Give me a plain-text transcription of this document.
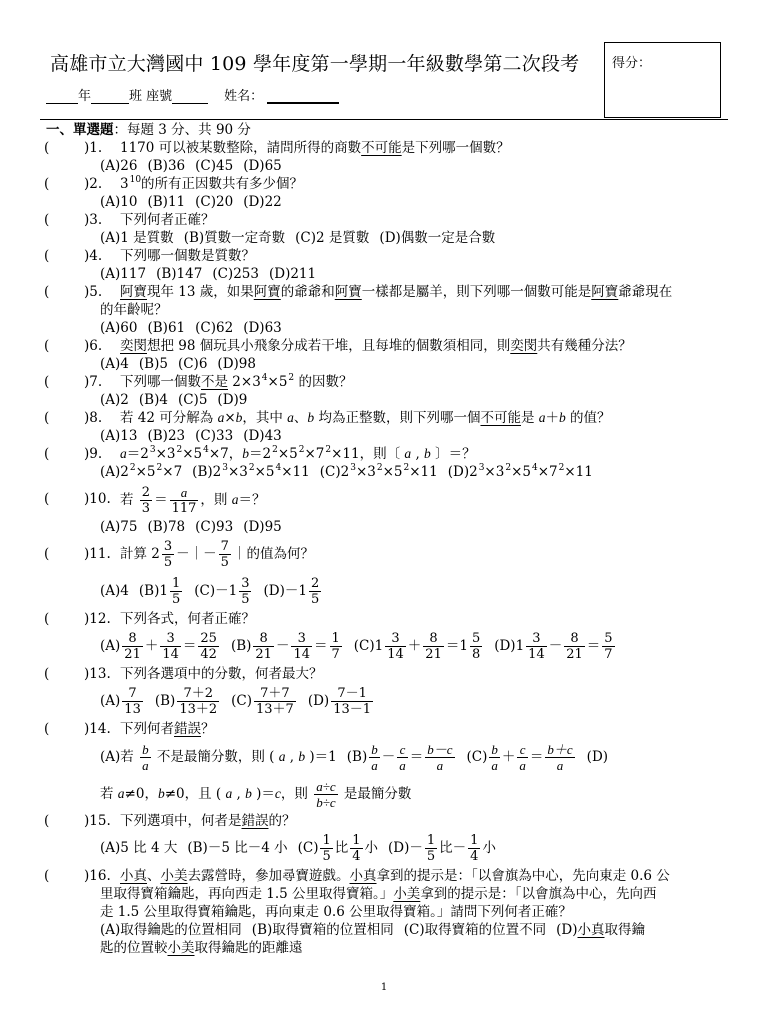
高雄市立大灣國中 109 學年度第一學期一年級數學第二次段考	得分：
年	班 座號	姓名：
一、單選題：每題 3 分、共 90 分
(	)1. 1170 可以被某數整除，請問所得的商數不可能是下列哪一個數？
(A)26 (B)36 (C)45 (D)65
(	)2. $3^{10}$的所有正因數共有多少個？
(A)10 (B)11 (C)20 (D)22
(	)3. 下列何者正確？
(A)1 是質數 (B)質數一定奇數 (C)2 是質數 (D)偶數一定是合數
(	)4. 下列哪一個數是質數？
(A)117 (B)147 (C)253 (D)211
(	)5. 阿寶現年 13 歲，如果阿寶的爺爺和阿寶一樣都是屬羊，則下列哪一個數可能是阿寶爺爺現在
的年齡呢？
(A)60 (B)61 (C)62 (D)63
(	)6. 奕閔想把 98 個玩具小飛象分成若干堆，且每堆的個數須相同，則奕閔共有幾種分法？
(A)4 (B)5 (C)6 (D)98
(	)7. 下列哪一個數不是 $2\times 3^4\times 5^2$ 的因數？
(A)2 (B)4 (C)5 (D)9
(	)8. 若 42 可分解為 a×b，其中 a、b 均為正整數，則下列哪一個不可能是 a＋b 的值？
(A)13 (B)23 (C)33 (D)43
(	)9. $a=2^3\times 3^2\times 5^4\times 7$，$b=2^2\times 5^2\times 7^2\times 11$，則〔 a , b 〕＝？
$(A)2^2\times 5^2\times 7$ $(B)2^3\times 3^2\times 5^4\times 11$ $(C)2^3\times 3^2\times 5^2\times 11$ $(D)2^3\times 3^2\times 5^4\times 7^2\times 11$
(	)10. 若 $\frac{2}{3} = \frac{a}{117}$ ，則 a＝？
(A)75 (B)78 (C)93 (D)95
(	)11. 計算 $2 \frac{3}{5}$ －｜－ $\frac{7}{5}$ ｜的值為何？
(A)4 $(B)1 \frac{1}{5} (C)-1 \frac{3}{5} (D)-1 \frac{2}{5}$
(	)12. 下列各式，何者正確？
$(A) \frac{8}{21} + \frac{3}{14} = \frac{25}{42} (B) \frac{8}{21} - \frac{3}{14} = \frac{1}{7} (C)1 \frac{3}{14} + \frac{8}{21} =1 \frac{5}{8} (D)1 \frac{3}{14} - \frac{8}{21} = \frac{5}{7}$
(	)13. 下列各選項中的分數，何者最大？
$(A) \frac{7}{13} (B) \frac{7+2}{13+2} (C) \frac{7+7}{13+7} (D) \frac{7-1}{13-1}$
(	)14. 下列何者錯誤？
(A)若 $\frac{b}{a}$ 不是最簡分數，則 ( a , b )＝1 $(B) \frac{b}{a} - \frac{c}{a} = \frac{b-c}{a} (C) \frac{b}{a} + \frac{c}{a} = \frac{b+c}{a} (D)$
若 a≠0，b≠0，且 ( a , b )＝c，則 $\frac{a\div c}{b\div c}$ 是最簡分數
(	)15. 下列選項中，何者是錯誤的？
(A)5 比 4 大 (B)－5 比－4 小 $(C) \frac{1}{5}$ 比 $\frac{1}{4}$ 小 $(D)- \frac{1}{5}$ 比－ $\frac{1}{4}$ 小
(	)16. 小真、小美去露營時，參加尋寶遊戲。小真拿到的提示是：「以會旗為中心，先向東走 0.6 公
里取得寶箱鑰匙，再向西走 1.5 公里取得寶箱。」小美拿到的提示是：「以會旗為中心，先向西
走 1.5 公里取得寶箱鑰匙，再向東走 0.6 公里取得寶箱。」請問下列何者正確？
(A)取得鑰匙的位置相同 (B)取得寶箱的位置相同 (C)取得寶箱的位置不同 (D)小真取得鑰
匙的位置較小美取得鑰匙的距離遠
1
